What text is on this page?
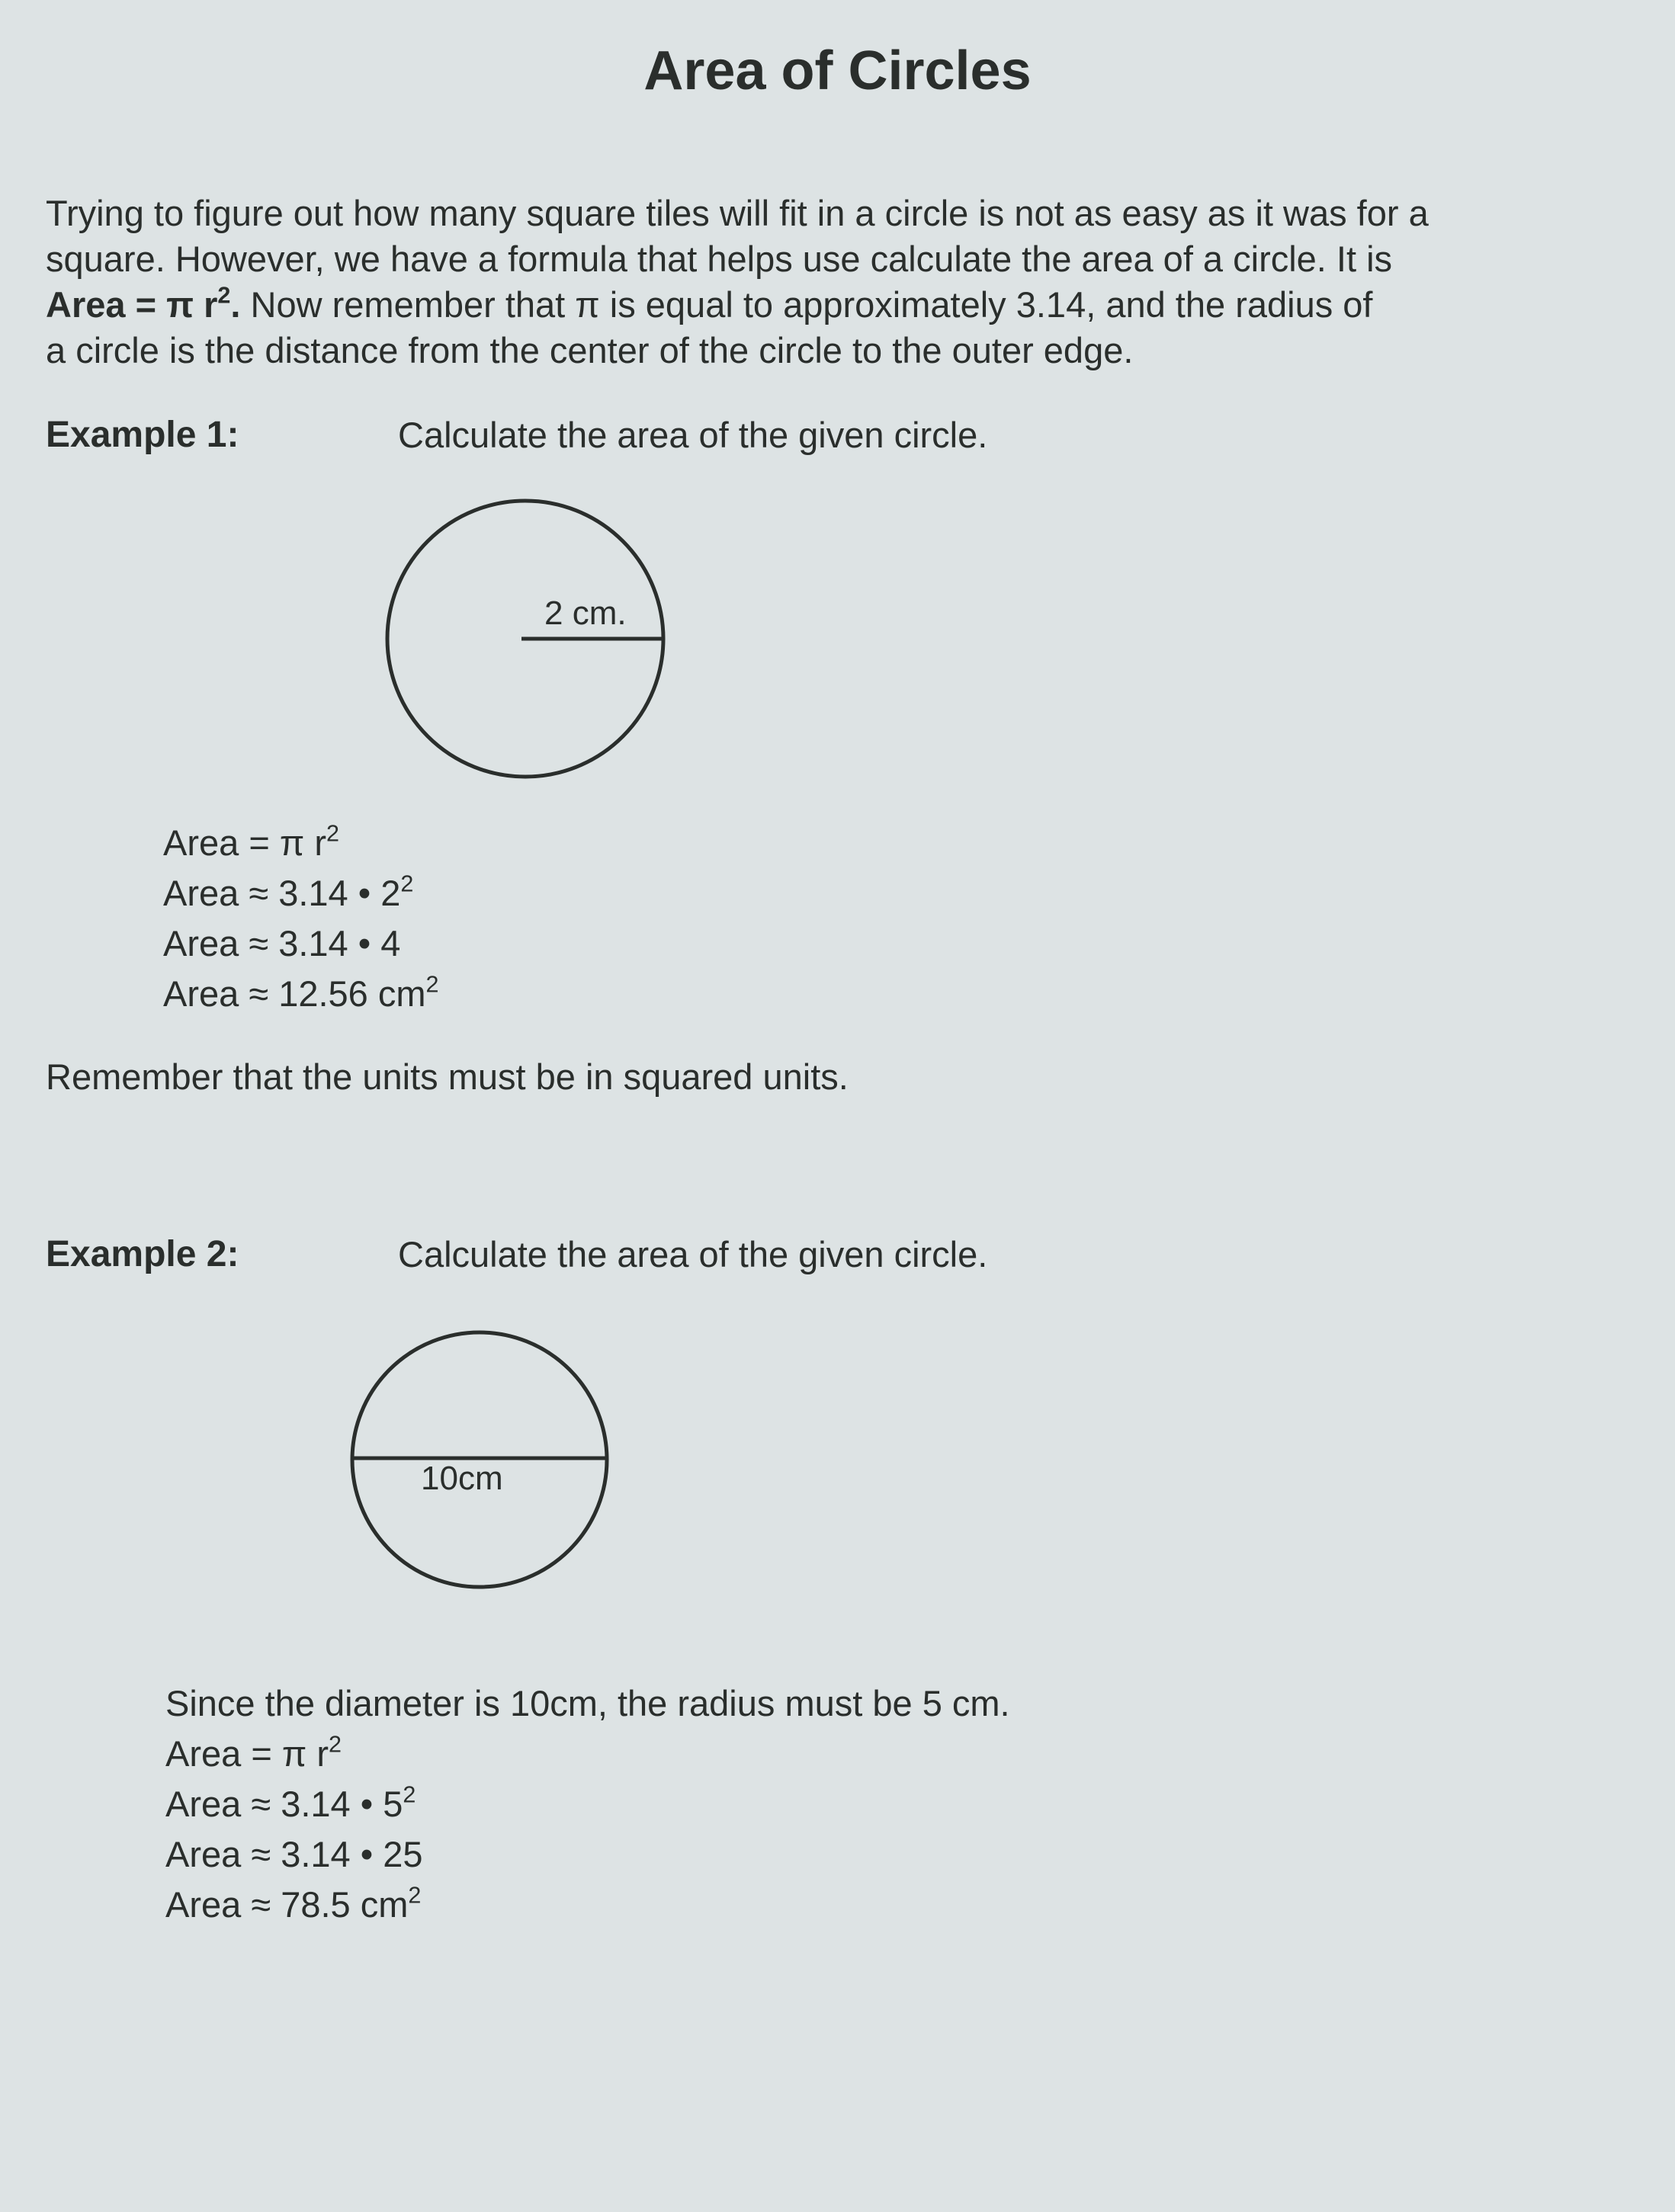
Area of Circles

Trying to figure out how many square tiles will fit in a circle is not as easy as it was for a
square. However, we have a formula that helps use calculate the area of a circle. It is
Area = π $r^2$. Now remember that π is equal to approximately 3.14, and the radius of
a circle is the distance from the center of the circle to the outer edge.

Example 1:	Calculate the area of the given circle.

2 cm.

Area = π $r^2$
Area ≈ 3.14 • $2^2$
Area ≈ 3.14 • 4
Area ≈ 12.56 $cm^2$

Remember that the units must be in squared units.

Example 2:	Calculate the area of the given circle.

10cm

Since the diameter is 10cm, the radius must be 5 cm.
Area = π $r^2$
Area ≈ 3.14 • $5^2$
Area ≈ 3.14 • 25
Area ≈ 78.5 $cm^2$
